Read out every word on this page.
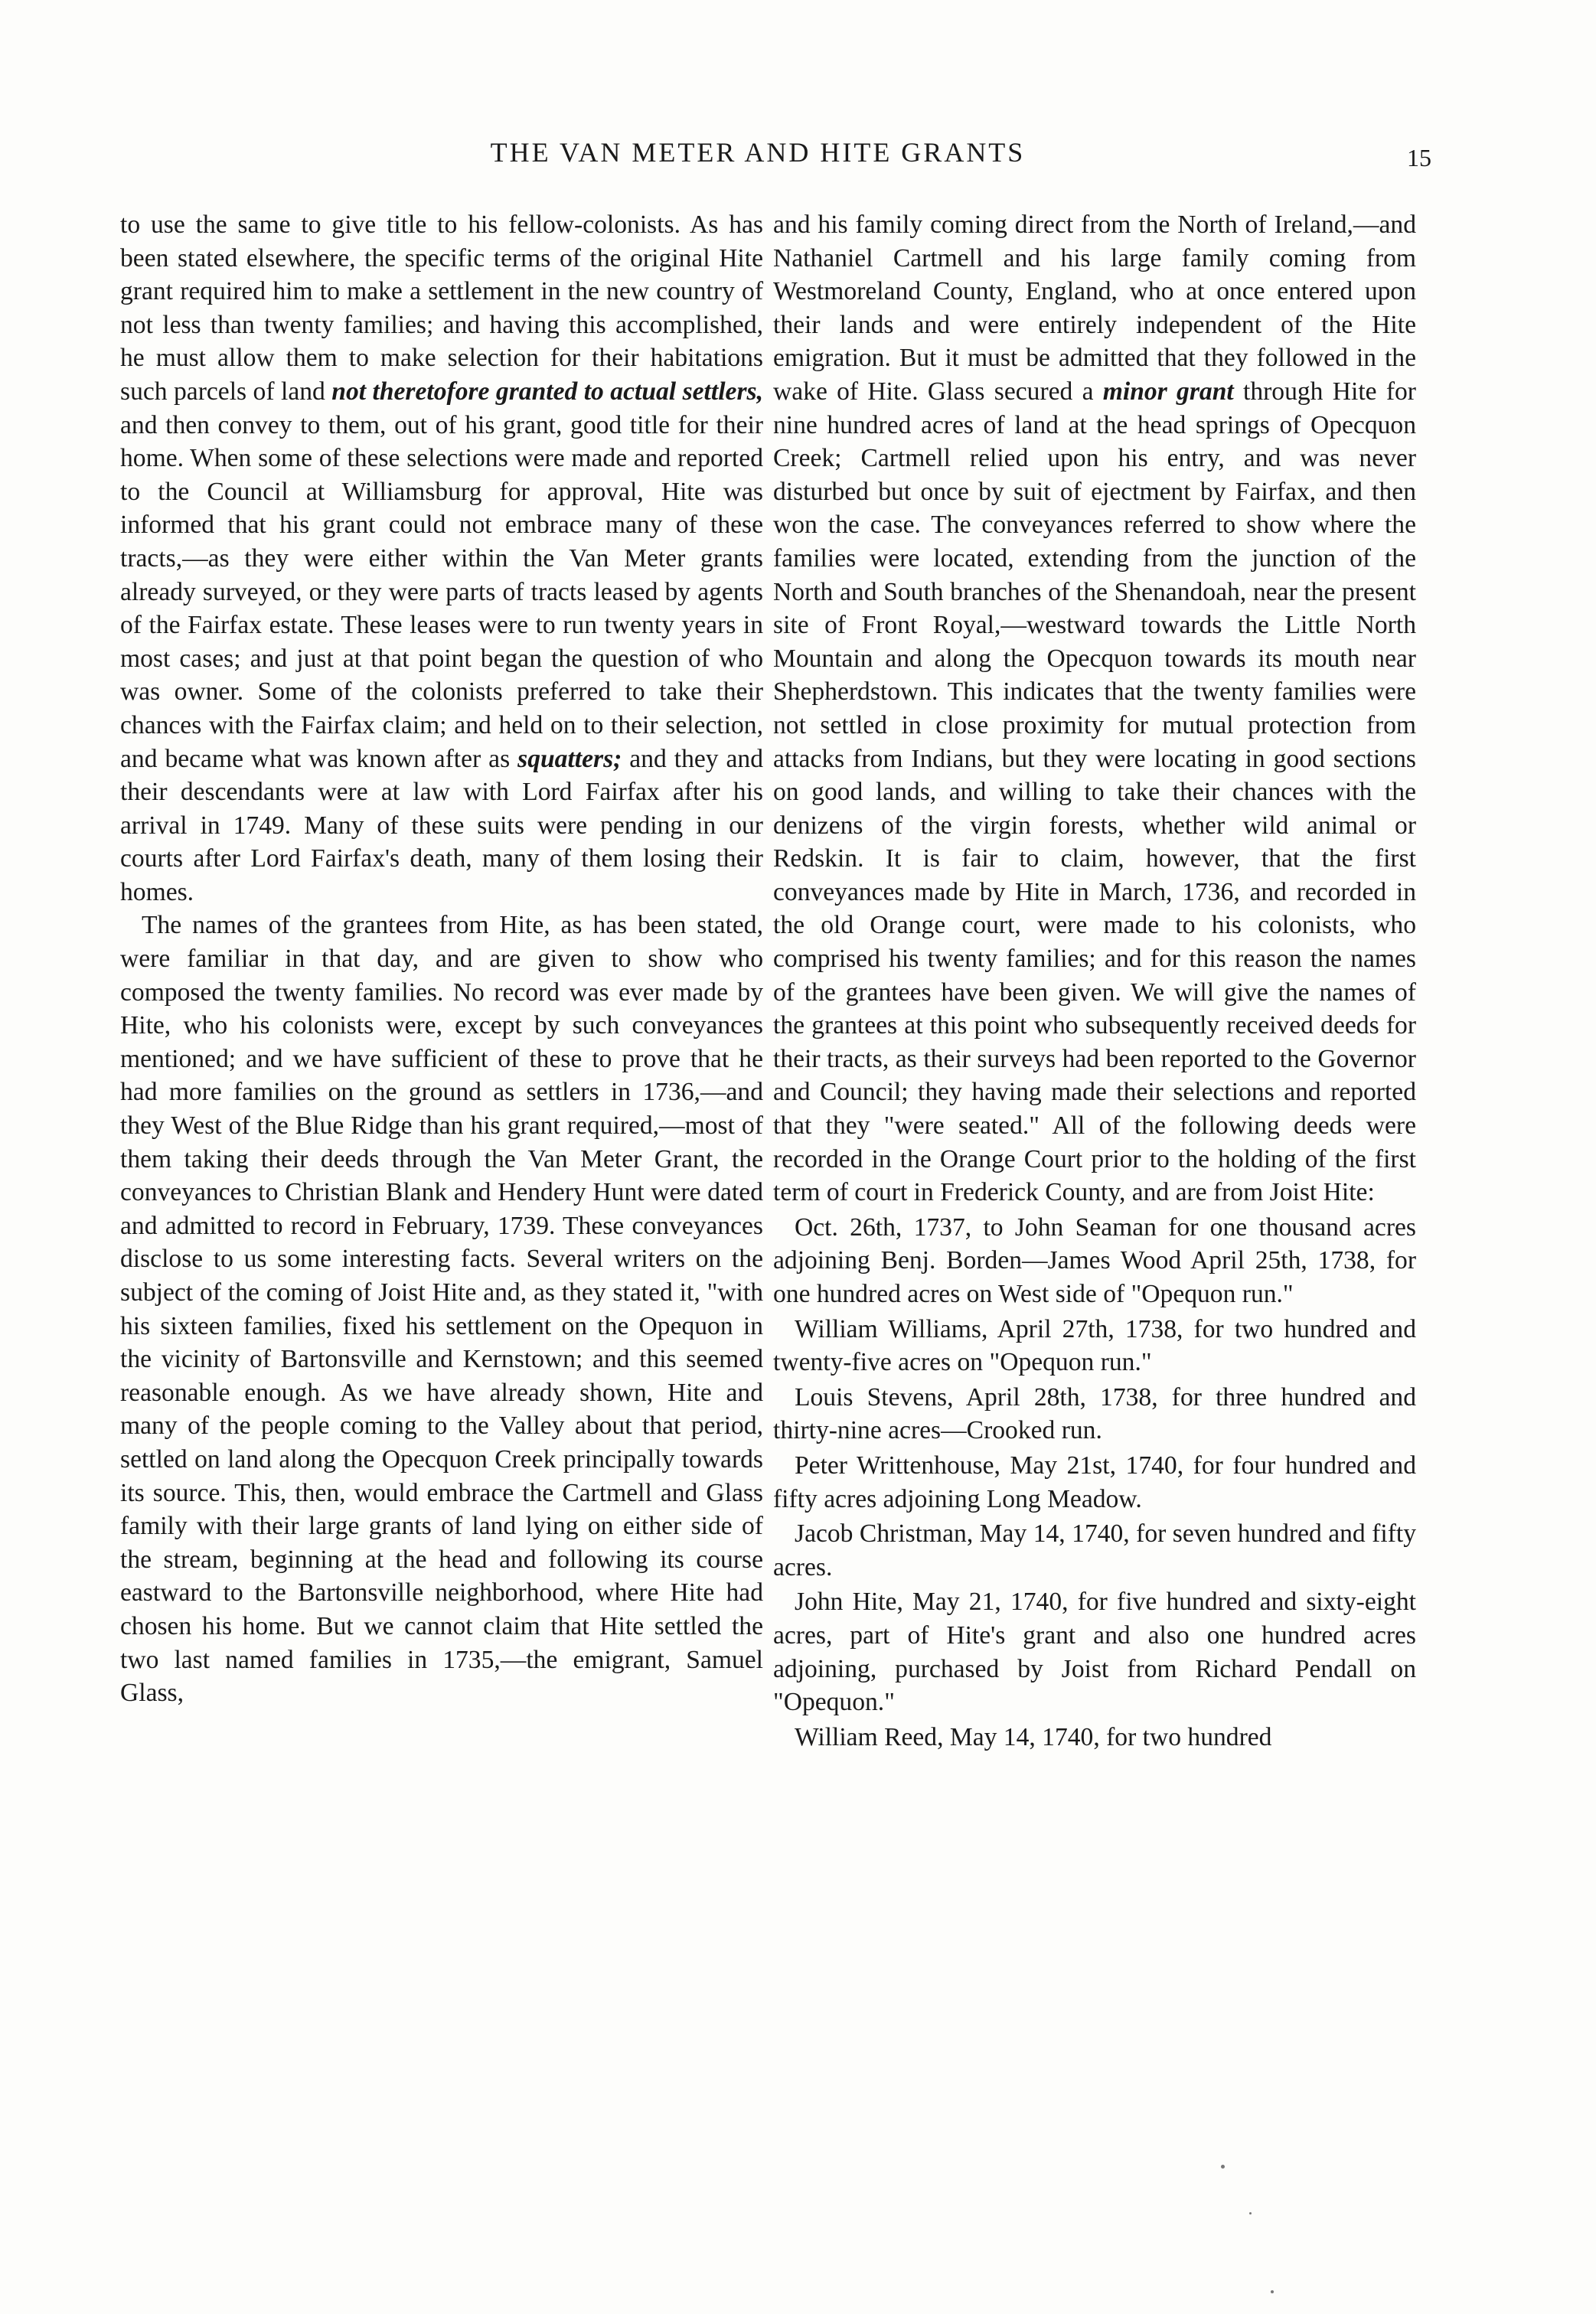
THE VAN METER AND HITE GRANTS	15

to use the same to give title to his fellow-colonists. As has been stated elsewhere, the specific terms of the original Hite grant required him to make a settlement in the new country of not less than twenty families; and having this accomplished, he must allow them to make selection for their habitations such parcels of land not theretofore granted to actual settlers, and then convey to them, out of his grant, good title for their home. When some of these selections were made and reported to the Council at Williamsburg for approval, Hite was informed that his grant could not embrace many of these tracts,—as they were either within the Van Meter grants already surveyed, or they were parts of tracts leased by agents of the Fairfax estate. These leases were to run twenty years in most cases; and just at that point began the question of who was owner. Some of the colonists preferred to take their chances with the Fairfax claim; and held on to their selection, and became what was known after as squatters; and they and their descendants were at law with Lord Fairfax after his arrival in 1749. Many of these suits were pending in our courts after Lord Fairfax's death, many of them losing their homes.

The names of the grantees from Hite, as has been stated, were familiar in that day, and are given to show who composed the twenty families. No record was ever made by Hite, who his colonists were, except by such conveyances mentioned; and we have sufficient of these to prove that he had more families on the ground as settlers in 1736,—and they West of the Blue Ridge than his grant required,—most of them taking their deeds through the Van Meter Grant, the conveyances to Christian Blank and Hendery Hunt were dated and admitted to record in February, 1739. These conveyances disclose to us some interesting facts. Several writers on the subject of the coming of Joist Hite and, as they stated it, "with his sixteen families, fixed his settlement on the Opequon in the vicinity of Bartonsville and Kernstown; and this seemed reasonable enough. As we have already shown, Hite and many of the people coming to the Valley about that period, settled on land along the Opecquon Creek principally towards its source. This, then, would embrace the Cartmell and Glass family with their large grants of land lying on either side of the stream, beginning at the head and following its course eastward to the Bartonsville neighborhood, where Hite had chosen his home. But we cannot claim that Hite settled the two last named families in 1735,—the emigrant, Samuel Glass,

and his family coming direct from the North of Ireland,—and Nathaniel Cartmell and his large family coming from Westmoreland County, England, who at once entered upon their lands and were entirely independent of the Hite emigration. But it must be admitted that they followed in the wake of Hite. Glass secured a minor grant through Hite for nine hundred acres of land at the head springs of Opecquon Creek; Cartmell relied upon his entry, and was never disturbed but once by suit of ejectment by Fairfax, and then won the case. The conveyances referred to show where the families were located, extending from the junction of the North and South branches of the Shenandoah, near the present site of Front Royal,—westward towards the Little North Mountain and along the Opecquon towards its mouth near Shepherdstown. This indicates that the twenty families were not settled in close proximity for mutual protection from attacks from Indians, but they were locating in good sections on good lands, and willing to take their chances with the denizens of the virgin forests, whether wild animal or Redskin. It is fair to claim, however, that the first conveyances made by Hite in March, 1736, and recorded in the old Orange court, were made to his colonists, who comprised his twenty families; and for this reason the names of the grantees have been given. We will give the names of the grantees at this point who subsequently received deeds for their tracts, as their surveys had been reported to the Governor and Council; they having made their selections and reported that they "were seated." All of the following deeds were recorded in the Orange Court prior to the holding of the first term of court in Frederick County, and are from Joist Hite:

Oct. 26th, 1737, to John Seaman for one thousand acres adjoining Benj. Borden—James Wood April 25th, 1738, for one hundred acres on West side of "Opequon run."

William Williams, April 27th, 1738, for two hundred and twenty-five acres on "Opequon run."

Louis Stevens, April 28th, 1738, for three hundred and thirty-nine acres—Crooked run.

Peter Writtenhouse, May 21st, 1740, for four hundred and fifty acres adjoining Long Meadow.

Jacob Christman, May 14, 1740, for seven hundred and fifty acres.

John Hite, May 21, 1740, for five hundred and sixty-eight acres, part of Hite's grant and also one hundred acres adjoining, purchased by Joist from Richard Pendall on "Opequon."

William Reed, May 14, 1740, for two hundred
